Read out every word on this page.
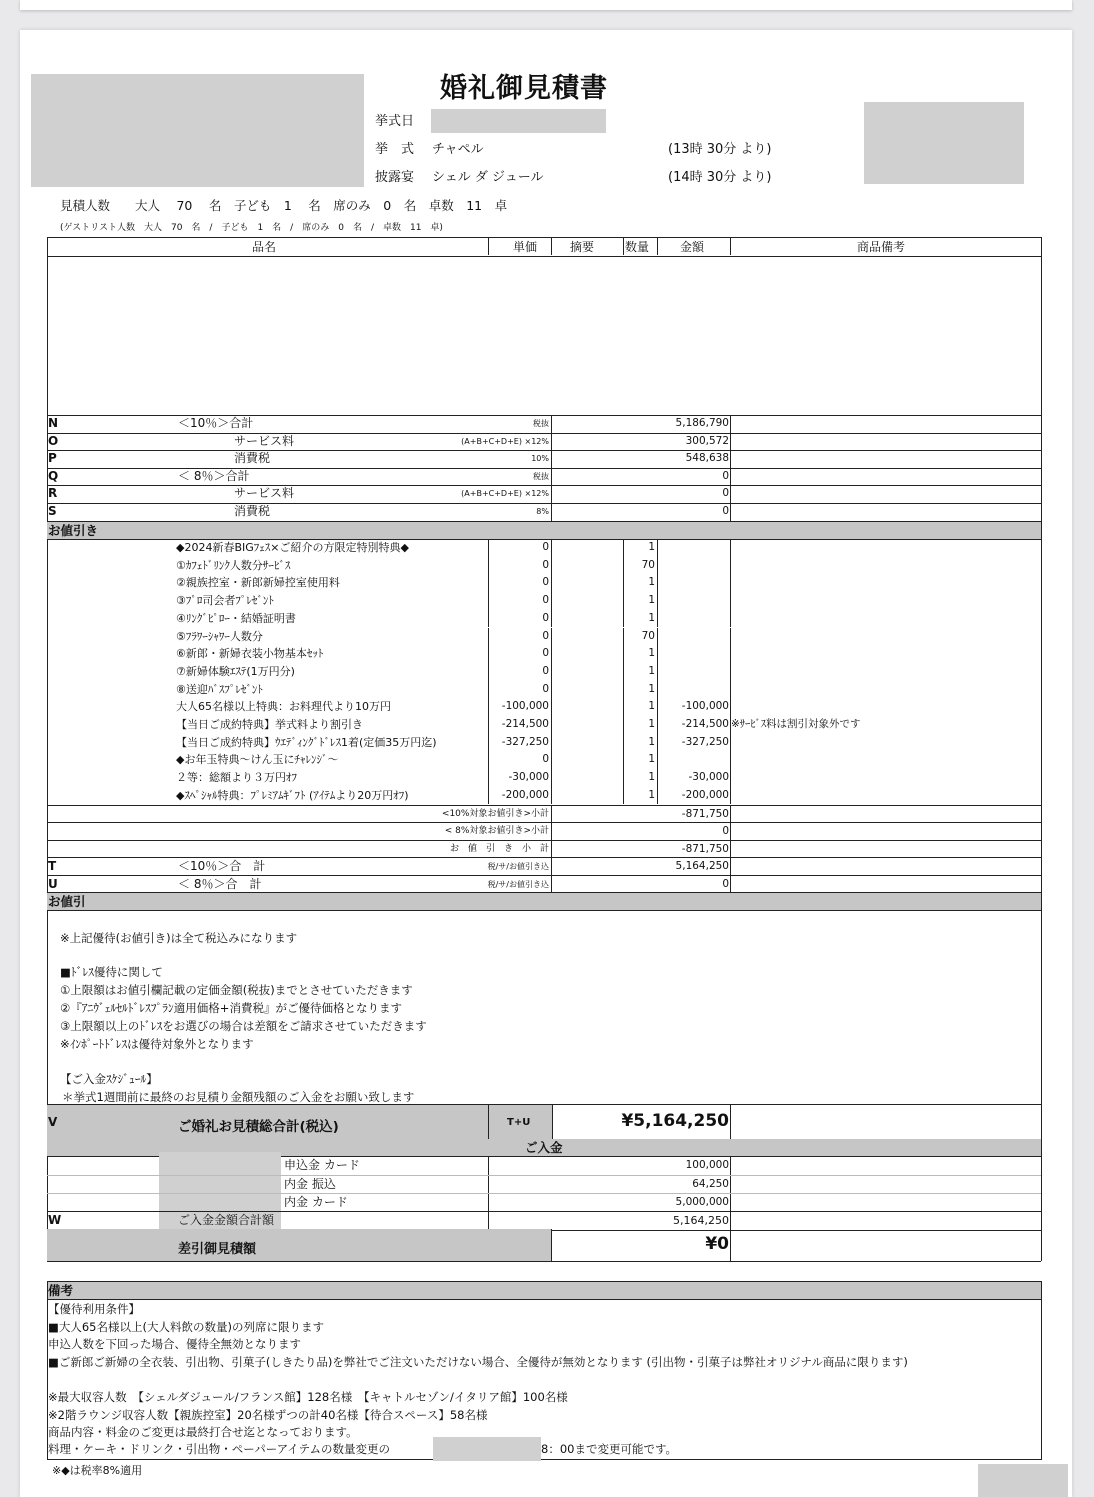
婚礼御見積書
挙式日
挙　式 チャペル	(13時 30分 より)
披露宴 シェル ダ ジュール	(14時 30分 より)
見積人数　　大人　 70　 名　子ども　1　 名　席のみ　0　名　卓数　11　卓
(ゲストリスト人数　大人　70　名　/　子ども　1　名　/　席のみ　0　名　/　卓数　11　卓)
品名	単価	摘要	数量	金額	商品備考
N	＜10％＞合計	税抜	5,186,790
O	サービス料	(A+B+C+D+E) ×12%	300,572
P	消費税	10%	548,638
Q	＜ 8％＞合計	税抜	0
R	サービス料	(A+B+C+D+E) ×12%	0
S	消費税	8%	0
お値引き
◆2024新春BIGﾌｪｽ×ご紹介の方限定特別特典◆	0	1
①ｶﾌｪﾄﾞﾘﾝｸ人数分ｻｰﾋﾞｽ	0	70
②親族控室・新郎新婦控室使用料	0	1
③ﾌﾟﾛ司会者ﾌﾟﾚｾﾞﾝﾄ	0	1
④ﾘﾝｸﾞﾋﾟﾛｰ・結婚証明書	0	1
⑤ﾌﾗﾜｰｼｬﾜｰ人数分	0	70
⑥新郎・新婦衣装小物基本ｾｯﾄ	0	1
⑦新婦体験ｴｽﾃ(1万円分)	0	1
⑧送迎ﾊﾞｽﾌﾟﾚｾﾞﾝﾄ	0	1
大人65名様以上特典：お料理代より10万円	-100,000	1	-100,000
【当日ご成約特典】挙式料より割引き	-214,500	1	-214,500 ※ｻｰﾋﾞｽ料は割引対象外です
【当日ご成約特典】ｳｴﾃﾞｨﾝｸﾞﾄﾞﾚｽ1着(定価35万円迄)	-327,250	1	-327,250
◆お年玉特典～けん玉にﾁｬﾚﾝｼﾞ～	0	1
２等：総額より３万円ｵﾌ	-30,000	1	-30,000
◆ｽﾍﾟｼｬﾙ特典：ﾌﾟﾚﾐｱﾑｷﾞﾌﾄ (ｱｲﾃﾑより20万円ｵﾌ)	-200,000	1	-200,000
<10%対象お値引き>小計	-871,750
< 8%対象お値引き>小計	0
お　値　引　き　小　計	-871,750
T	＜10％＞合　計	税/サ/お値引き込	5,164,250
U	＜ 8％＞合　計	税/サ/お値引き込	0
お値引
※上記優待(お値引き)は全て税込みになります
■ﾄﾞﾚｽ優待に関して
①上限額はお値引欄記載の定価金額(税抜)までとさせていただきます
②『ｱﾆｳﾞｪﾙｾﾙﾄﾞﾚｽﾌﾟﾗﾝ適用価格+消費税』がご優待価格となります
③上限額以上のﾄﾞﾚｽをお選びの場合は差額をご請求させていただきます
※ｲﾝﾎﾟｰﾄﾄﾞﾚｽは優待対象外となります
【ご入金ｽｹｼﾞｭｰﾙ】
＊挙式1週間前に最終のお見積り金額残額のご入金をお願い致します
V	ご婚礼お見積総合計(税込)	T+U	¥5,164,250
ご入金
申込金 カード	100,000
内金 振込	64,250
内金 カード	5,000,000
W	ご入金金額合計額	5,164,250
差引御見積額	¥0
備考
【優待利用条件】
■大人65名様以上(大人料飲の数量)の列席に限ります
申込人数を下回った場合、優待全無効となります
■ご新郎ご新婦の全衣装、引出物、引菓子(しきたり品)を弊社でご注文いただけない場合、全優待が無効となります (引出物・引菓子は弊社オリジナル商品に限ります)
※最大収容人数　【シェルダジュール/フランス館】128名様　【キャトルセゾン/イタリア館】100名様
※2階ラウンジ収容人数【親族控室】20名様ずつの計40名様【待合スペース】58名様
商品内容・料金のご変更は最終打合せ迄となっております。
料理・ケーキ・ドリンク・引出物・ペーパーアイテムの数量変更の	8：00まで変更可能です。
※◆は税率8%適用
